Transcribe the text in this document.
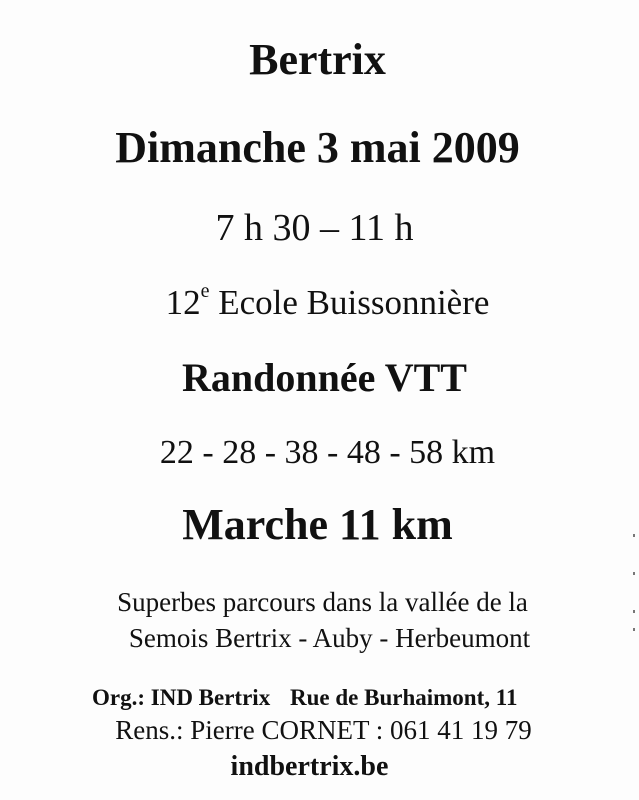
Bertrix
Dimanche 3 mai 2009
7 h 30 – 11 h
12e Ecole Buissonnière
Randonnée VTT
22 - 28 - 38 - 48 - 58 km
Marche 11 km
Superbes parcours dans la vallée de la
Semois Bertrix - Auby - Herbeumont
Org.: IND Bertrix Rue de Burhaimont, 11
Rens.: Pierre CORNET : 061 41 19 79
indbertrix.be
